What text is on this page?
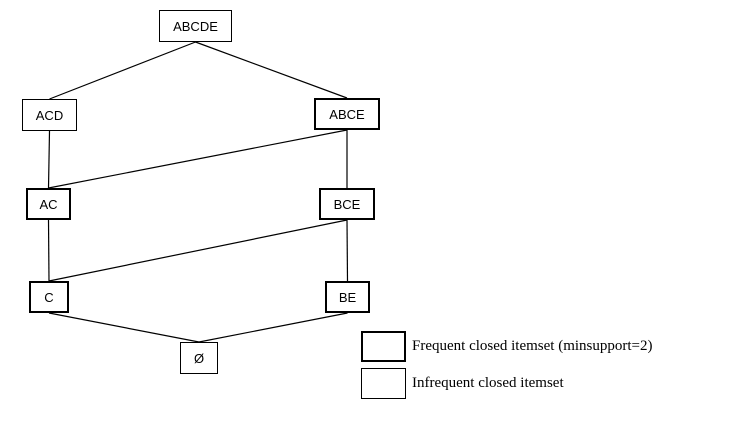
ABCDE
ACD	ABCE
AC	BCE
C	BE
Ø
Frequent closed itemset (minsupport=2)
Infrequent closed itemset
